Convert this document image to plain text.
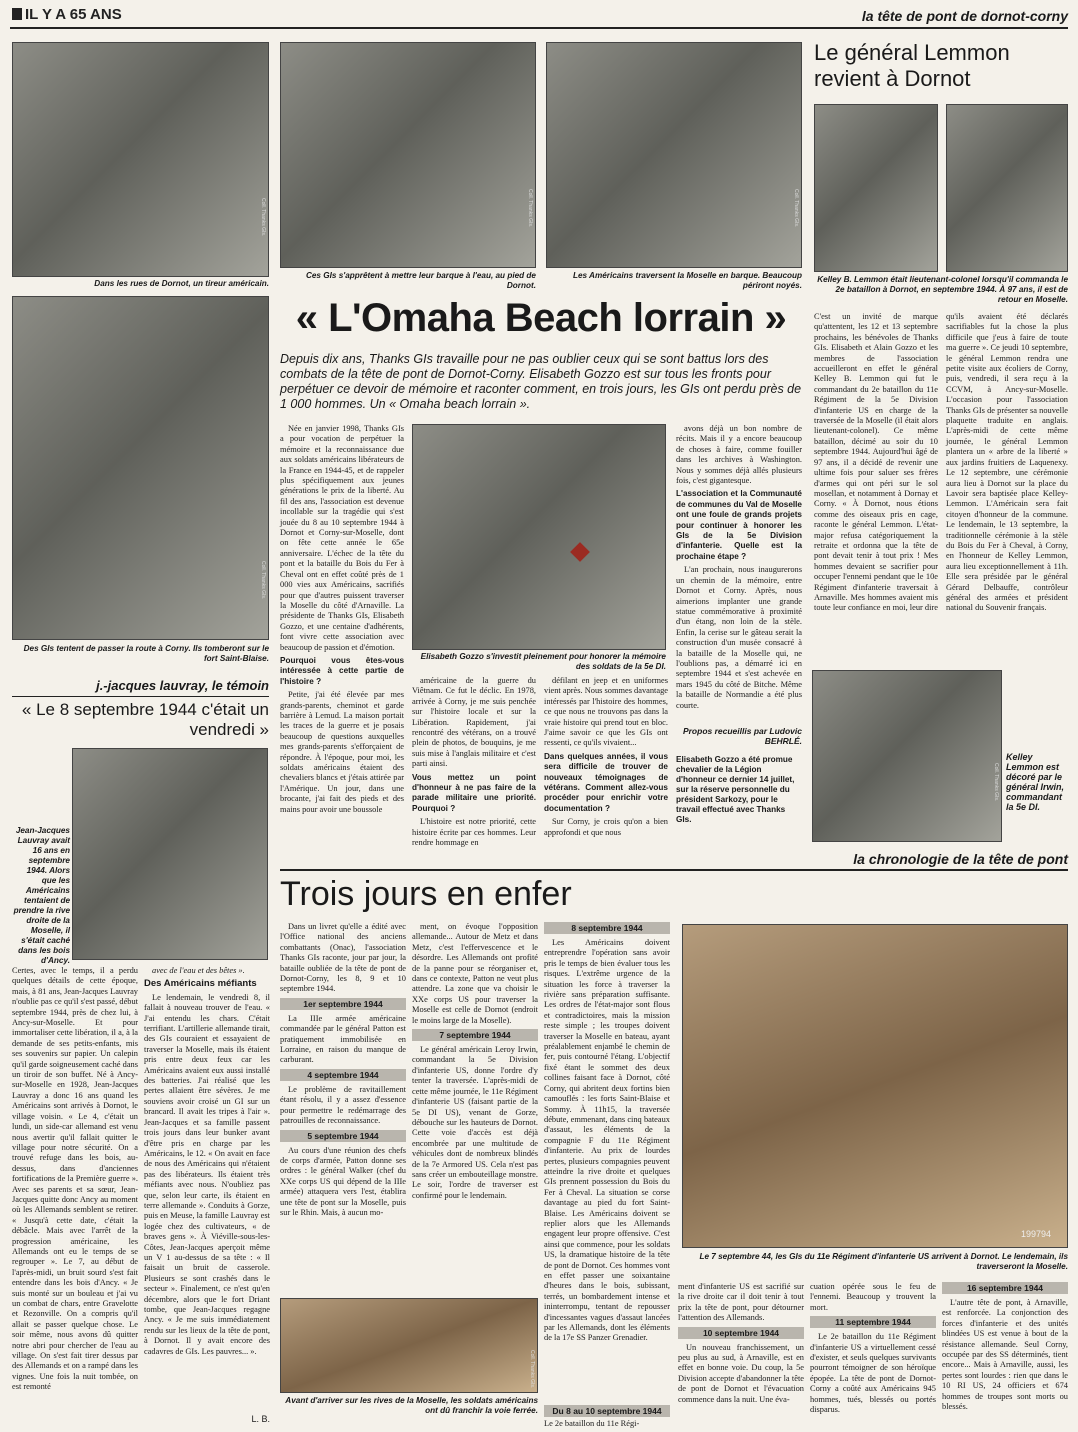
IL Y A 65 ANS	la tête de pont de dornot-corny
Coll. Thanks GIs.
Dans les rues de Dornot, un tireur américain.
Coll. Thanks GIs.
Ces GIs s'apprêtent à mettre leur barque à l'eau, au pied de Dornot.
Coll. Thanks GIs.
Les Américains traversent la Moselle en barque. Beaucoup périront noyés.
Le général Lemmon revient à Dornot
Kelley B. Lemmon était lieutenant-colonel lorsqu'il commanda le 2e bataillon à Dornot, en septembre 1944. À 97 ans, il est de retour en Moselle.
C'est un invité de marque qu'attentent, les 12 et 13 septembre prochains, les bénévoles de Thanks GIs. Elisabeth et Alain Gozzo et les membres de l'association accueilleront en effet le général Kelley B. Lemmon qui fut le commandant du 2e bataillon du 11e Régiment de la 5e Division d'infanterie US en charge de la traversée de la Moselle (il était alors lieutenant-colonel). Ce même bataillon, décimé au soir du 10 septembre 1944. Aujourd'hui âgé de 97 ans, il a décidé de revenir une ultime fois pour saluer ses frères d'armes qui ont péri sur le sol mosellan, et notamment à Dornay et Corny. « À Dornot, nous étions comme des oiseaux pris en cage, raconte le général Lemmon. L'état-major refusa catégoriquement la retraite et ordonna que la tête de pont devait tenir à tout prix ! Mes hommes devaient se sacrifier pour occuper l'ennemi pendant que le 10e Régiment d'infanterie traversait à Arnaville. Mes hommes avaient mis toute leur confiance en moi, leur dire
qu'ils avaient été déclarés sacrifiables fut la chose la plus difficile que j'eus à faire de toute ma guerre ». Ce jeudi 10 septembre, le général Lemmon rendra une petite visite aux écoliers de Corny, puis, vendredi, il sera reçu à la CCVM, à Ancy-sur-Moselle. L'occasion pour l'association Thanks GIs de présenter sa nouvelle plaquette traduite en anglais. L'après-midi de cette même journée, le général Lemmon plantera un « arbre de la liberté » aux jardins fruitiers de Laquenexy. Le 12 septembre, une cérémonie aura lieu à Dornot sur la place du Lavoir sera baptisée place Kelley-Lemmon. L'Américain sera fait citoyen d'honneur de la commune. Le lendemain, le 13 septembre, la traditionnelle cérémonie à la stèle du Bois du Fer à Cheval, à Corny, en l'honneur de Kelley Lemmon, aura lieu exceptionnellement à 11h. Elle sera présidée par le général Gérard Delbauffe, contrôleur général des armées et président national du Souvenir français.
Coll. Thanks GIs.
Kelley Lemmon est décoré par le général Irwin, commandant la 5e DI.
« L'Omaha Beach lorrain »
Depuis dix ans, Thanks GIs travaille pour ne pas oublier ceux qui se sont battus lors des combats de la tête de pont de Dornot-Corny. Elisabeth Gozzo est sur tous les fronts pour perpétuer ce devoir de mémoire et raconter comment, en trois jours, les GIs ont perdu près de 1 000 hommes. Un « Omaha beach lorrain ».
Coll. Thanks GIs.
Des GIs tentent de passer la route à Corny. Ils tomberont sur le fort Saint-Blaise.

Née en janvier 1998, Thanks GIs a pour vocation de perpétuer la mémoire et la reconnaissance due aux soldats américains libérateurs de la France en 1944-45, et de rappeler plus spécifiquement aux jeunes générations le prix de la liberté. Au fil des ans, l'association est devenue incollable sur la tragédie qui s'est jouée du 8 au 10 septembre 1944 à Dornot et Corny-sur-Moselle, dont on fête cette année le 65e anniversaire. L'échec de la tête du pont et la bataille du Bois du Fer à Cheval ont en effet coûté près de 1 000 vies aux Américains, sacrifiés pour que d'autres puissent traverser la Moselle du côté d'Arnaville. La présidente de Thanks GIs, Elisabeth Gozzo, et une centaine d'adhérents, font vivre cette association avec beaucoup de passion et d'émotion.

Pourquoi vous êtes-vous intéressée à cette partie de l'histoire ?

Petite, j'ai été élevée par mes grands-parents, cheminot et garde barrière à Lemud. La maison portait les traces de la guerre et je posais beaucoup de questions auxquelles mes grands-parents s'efforçaient de répondre. À l'époque, pour moi, les soldats américains étaient des chevaliers blancs et j'étais attirée par l'Amérique. Un jour, dans une brocante, j'ai fait des pieds et des mains pour avoir une boussole

Elisabeth Gozzo s'investit pleinement pour honorer la mémoire des soldats de la 5e DI.

avons déjà un bon nombre de récits. Mais il y a encore beaucoup de choses à faire, comme fouiller dans les archives à Washington. Nous y sommes déjà allés plusieurs fois, c'est gigantesque.

L'association et la Communauté de communes du Val de Moselle ont une foule de grands projets pour continuer à honorer les GIs de la 5e Division d'infanterie. Quelle est la prochaine étape ?

L'an prochain, nous inaugurerons un chemin de la mémoire, entre Dornot et Corny. Après, nous aimerions implanter une grande statue commémorative à proximité d'un étang, non loin de la stèle. Enfin, la cerise sur le gâteau serait la construction d'un musée consacré à la bataille de la Moselle qui, ne l'oublions pas, a démarré ici en septembre 1944 et s'est achevée en mars 1945 du côté de Bitche. Même la bataille de Normandie a été plus courte.

américaine de la guerre du Viêtnam. Ce fut le déclic. En 1978, arrivée à Corny, je me suis penchée sur l'histoire locale et sur la Libération. Rapidement, j'ai rencontré des vétérans, on a trouvé plein de photos, de bouquins, je me suis mise à l'anglais militaire et c'est parti ainsi.

Vous mettez un point d'honneur à ne pas faire de la parade militaire une priorité. Pourquoi ?

L'histoire est notre priorité, cette histoire écrite par ces hommes. Leur rendre hommage en

défilant en jeep et en uniformes vient après. Nous sommes davantage intéressés par l'histoire des hommes, ce que nous ne trouvons pas dans la vraie histoire qui prend tout en bloc. J'aime savoir ce que les GIs ont ressenti, ce qu'ils vivaient...

Dans quelques années, il vous sera difficile de trouver de nouveaux témoignages de vétérans. Comment allez-vous procéder pour enrichir votre documentation ?

Sur Corny, je crois qu'on a bien approfondi et que nous

Propos recueillis par Ludovic BEHRLÉ.
Elisabeth Gozzo a été promue chevalier de la Légion d'honneur ce dernier 14 juillet, sur la réserve personnelle du président Sarkozy, pour le travail effectué avec Thanks GIs.
j.-jacques lauvray, le témoin
« Le 8 septembre 1944 c'était un vendredi »
Jean-Jacques Lauvray avait 16 ans en septembre 1944. Alors que les Américains tentaient de prendre la rive droite de la Moselle, il s'était caché dans les bois d'Ancy.
Certes, avec le temps, il a perdu quelques détails de cette époque, mais, à 81 ans, Jean-Jacques Lauvray n'oublie pas ce qu'il s'est passé, début septembre 1944, près de chez lui, à Ancy-sur-Moselle. Et pour immortaliser cette libération, il a, à la demande de ses petits-enfants, mis ses souvenirs sur papier. Un calepin qu'il garde soigneusement caché dans un tiroir de son buffet. Né à Ancy-sur-Moselle en 1928, Jean-Jacques Lauvray a donc 16 ans quand les Américains sont arrivés à Dornot, le village voisin. « Le 4, c'était un lundi, un side-car allemand est venu nous avertir qu'il fallait quitter le village pour notre sécurité. On a trouvé refuge dans les bois, au-dessus, dans d'anciennes fortifications de la Première guerre ». Avec ses parents et sa sœur, Jean-Jacques quitte donc Ancy au moment où les Allemands semblent se retirer. « Jusqu'à cette date, c'était la débâcle. Mais avec l'arrêt de la progression américaine, les Allemands ont eu le temps de se regrouper ». Le 7, au début de l'après-midi, un bruit sourd s'est fait entendre dans les bois d'Ancy. « Je suis monté sur un bouleau et j'ai vu un combat de chars, entre Gravelotte et Rezonville. On a compris qu'il allait se passer quelque chose. Le soir même, nous avons dû quitter notre abri pour chercher de l'eau au village. On s'est fait tirer dessus par des Allemands et on a rampé dans les vignes. Une fois la nuit tombée, on est remonté

avec de l'eau et des bêtes ».

Des Américains méfiants

Le lendemain, le vendredi 8, il fallait à nouveau trouver de l'eau. « J'ai entendu les chars. C'était terrifiant. L'artillerie allemande tirait, des GIs couraient et essayaient de traverser la Moselle, mais ils étaient pris entre deux feux car les Américains avaient eux aussi installé des batteries. J'ai réalisé que les pertes allaient être sévères. Je me souviens avoir croisé un GI sur un brancard. Il avait les tripes à l'air ». Jean-Jacques et sa famille passent trois jours dans leur bunker avant d'être pris en charge par les Américains, le 12. « On avait en face de nous des Américains qui n'étaient pas des libérateurs. Ils étaient très méfiants avec nous. N'oubliez pas que, selon leur carte, ils étaient en terre allemande ». Conduits à Gorze, puis en Meuse, la famille Lauvray est logée chez des cultivateurs, « de braves gens ». À Viéville-sous-les-Côtes, Jean-Jacques aperçoit même un V 1 au-dessus de sa tête : « Il faisait un bruit de casserole. Plusieurs se sont crashés dans le secteur ». Finalement, ce n'est qu'en décembre, alors que le fort Driant tombe, que Jean-Jacques regagne Ancy. « Je me suis immédiatement rendu sur les lieux de la tête de pont, à Dornot. Il y avait encore des cadavres de GIs. Les pauvres... ».

L. B.
la chronologie de la tête de pont
Trois jours en enfer

Dans un livret qu'elle a édité avec l'Office national des anciens combattants (Onac), l'association Thanks GIs raconte, jour par jour, la bataille oubliée de la tête de pont de Dornot-Corny, les 8, 9 et 10 septembre 1944.

1er septembre 1944

La IIIe armée américaine commandée par le général Patton est pratiquement immobilisée en Lorraine, en raison du manque de carburant.

4 septembre 1944

Le problème de ravitaillement étant résolu, il y a assez d'essence pour permettre le redémarrage des patrouilles de reconnaissance.

5 septembre 1944

Au cours d'une réunion des chefs de corps d'armée, Patton donne ses ordres : le général Walker (chef du XXe corps US qui dépend de la IIIe armée) attaquera vers l'est, établira une tête de pont sur la Moselle, puis sur le Rhin. Mais, à aucun mo-

ment, on évoque l'opposition allemande... Autour de Metz et dans Metz, c'est l'effervescence et le désordre. Les Allemands ont profité de la panne pour se réorganiser et, dans ce contexte, Patton ne veut plus attendre. La zone que va choisir le XXe corps US pour traverser la Moselle est celle de Dornot (endroit le moins large de la Moselle).

7 septembre 1944

Le général américain Leroy Irwin, commandant la 5e Division d'infanterie US, donne l'ordre d'y tenter la traversée. L'après-midi de cette même journée, le 11e Régiment d'infanterie US (faisant partie de la 5e DI US), venant de Gorze, débouche sur les hauteurs de Dornot. Cette voie d'accès est déjà encombrée par une multitude de véhicules dont de nombreux blindés de la 7e Armored US. Cela n'est pas sans créer un embouteillage monstre. Le soir, l'ordre de traverser est confirmé pour le lendemain.

8 septembre 1944

Les Américains doivent entreprendre l'opération sans avoir pris le temps de bien évaluer tous les risques. L'extrême urgence de la situation les force à traverser la rivière sans préparation suffisante. Les ordres de l'état-major sont flous et contradictoires, mais la mission reste simple ; les troupes doivent traverser la Moselle en bateau, ayant préalablement enjambé le chemin de fer, puis contourné l'étang. L'objectif fixé étant le sommet des deux collines faisant face à Dornot, côté Corny, qui abritent deux fortins bien camouflés : les forts Saint-Blaise et Sommy. À 11h15, la traversée débute, emmenant, dans cinq bateaux d'assaut, les éléments de la compagnie F du 11e Régiment d'infanterie. Au prix de lourdes pertes, plusieurs compagnies peuvent atteindre la rive droite et quelques GIs prennent possession du Bois du Fer à Cheval. La situation se corse davantage au pied du fort Saint-Blaise. Les Américains doivent se replier alors que les Allemands engagent leur propre offensive. C'est ainsi que commence, pour les soldats US, la dramatique histoire de la tête de pont de Dornot. Ces hommes vont en effet passer une soixantaine d'heures dans le bois, subissant, terrés, un bombardement intense et ininterrompu, tentant de repousser d'incessantes vagues d'assaut lancées par les Allemands, dont les éléments de la 17e SS Panzer Grenadier.

199794
Le 7 septembre 44, les GIs du 11e Régiment d'infanterie US arrivent à Dornot. Le lendemain, ils traverseront la Moselle.
Coll. Thanks GIs.
Avant d'arriver sur les rives de la Moselle, les soldats américains ont dû franchir la voie ferrée.	Du 8 au 10 septembre 1944
Le 2e bataillon du 11e Régi-

ment d'infanterie US est sacrifié sur la rive droite car il doit tenir à tout prix la tête de pont, pour détourner l'attention des Allemands.

10 septembre 1944

Un nouveau franchissement, un peu plus au sud, à Arnaville, est en effet en bonne voie. Du coup, la 5e Division accepte d'abandonner la tête de pont de Dornot et l'évacuation commence dans la nuit. Une éva-

cuation opérée sous le feu de l'ennemi. Beaucoup y trouvent la mort.

11 septembre 1944

Le 2e bataillon du 11e Régiment d'infanterie US a virtuellement cessé d'exister, et seuls quelques survivants pourront témoigner de son héroïque épopée. La tête de pont de Dornot-Corny a coûté aux Américains 945 hommes, tués, blessés ou portés disparus.

16 septembre 1944

L'autre tête de pont, à Arnaville, est renforcée. La conjonction des forces d'infanterie et des unités blindées US est venue à bout de la résistance allemande. Seul Corny, occupée par des SS déterminés, tient encore... Mais à Arnaville, aussi, les pertes sont lourdes : rien que dans le 10 RI US, 24 officiers et 674 hommes de troupes sont morts ou blessés.
